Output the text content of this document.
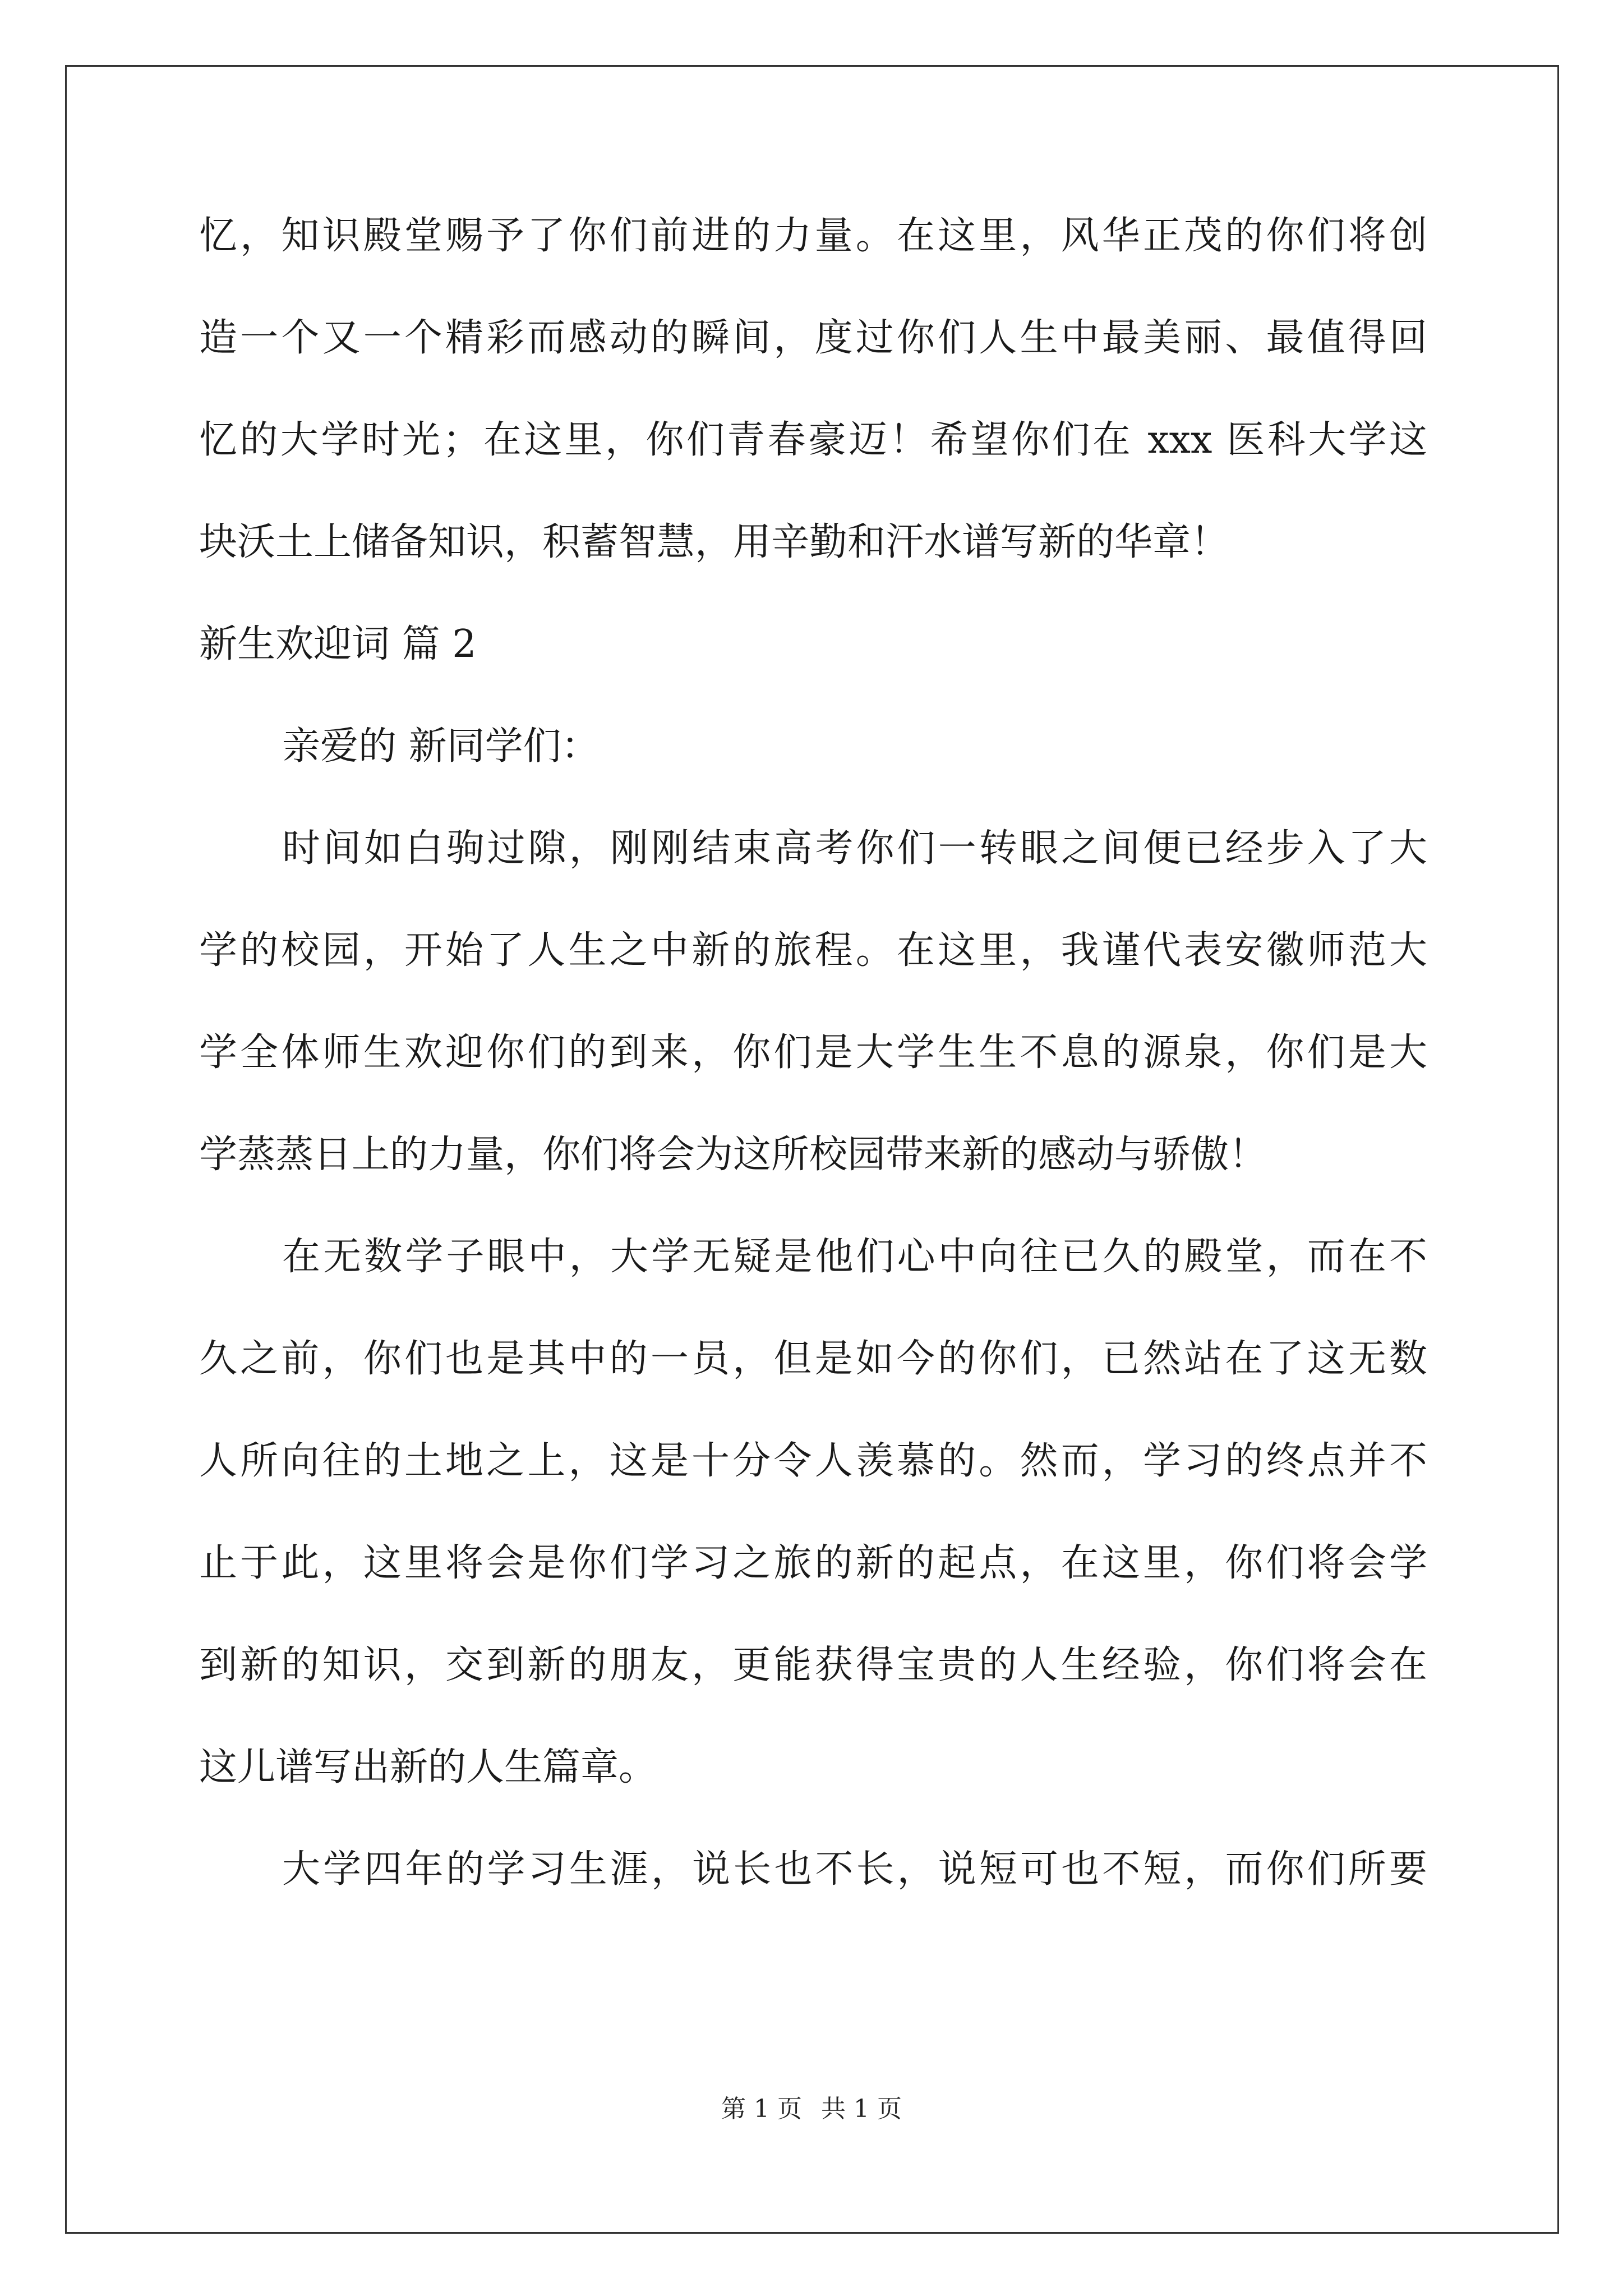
忆，知识殿堂赐予了你们前进的力量。在这里，风华正茂的你们将创

造一个又一个精彩而感动的瞬间，度过你们人生中最美丽、最值得回

忆的大学时光；在这里，你们青春豪迈！希望你们在 xxx 医科大学这

块沃土上储备知识，积蓄智慧，用辛勤和汗水谱写新的华章！

新生欢迎词 篇 2

亲爱的 新同学们：

时间如白驹过隙，刚刚结束高考你们一转眼之间便已经步入了大

学的校园，开始了人生之中新的旅程。在这里，我谨代表安徽师范大

学全体师生欢迎你们的到来，你们是大学生生不息的源泉，你们是大

学蒸蒸日上的力量，你们将会为这所校园带来新的感动与骄傲！

在无数学子眼中，大学无疑是他们心中向往已久的殿堂，而在不

久之前，你们也是其中的一员，但是如今的你们，已然站在了这无数

人所向往的土地之上，这是十分令人羡慕的。然而，学习的终点并不

止于此，这里将会是你们学习之旅的新的起点，在这里，你们将会学

到新的知识，交到新的朋友，更能获得宝贵的人生经验，你们将会在

这儿谱写出新的人生篇章。

大学四年的学习生涯，说长也不长，说短可也不短，而你们所要

第 1 页 共 1 页
